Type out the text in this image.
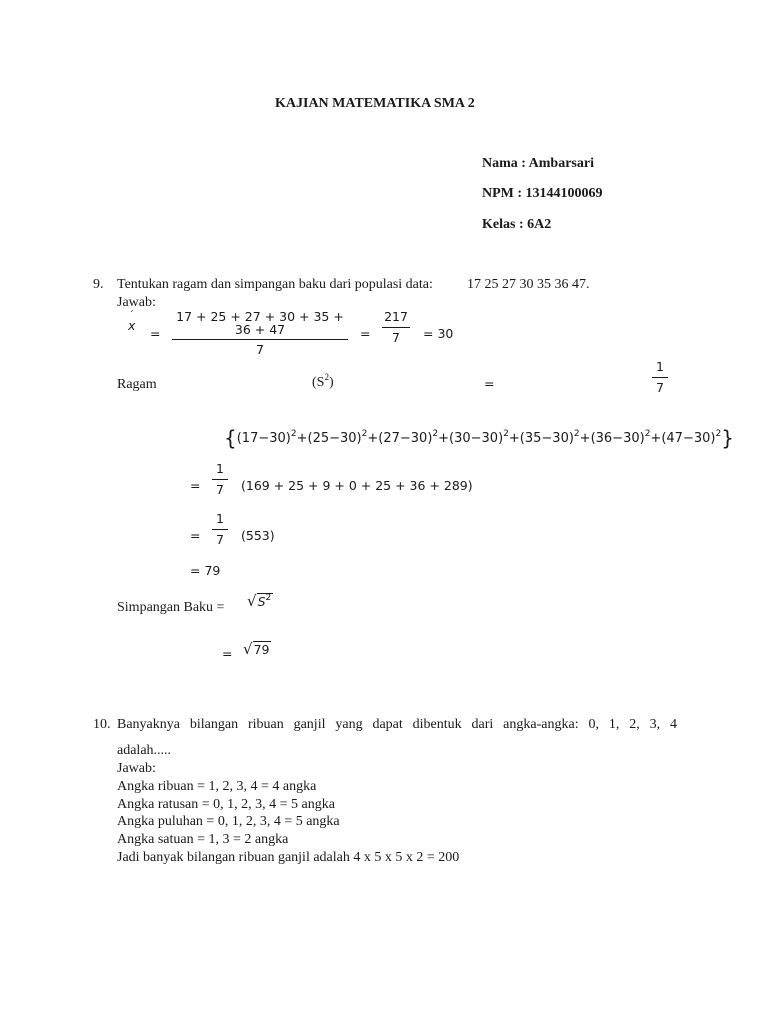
KAJIAN MATEMATIKA SMA 2
Nama : Ambarsari
NPM : 13144100069
Kelas : 6A2
9. Tentukan ragam dan simpangan baku dari populasi data: 17 25 27 30 35 36 47.
Jawab:
´
x
=
17 + 25 + 27 + 30 + 35 + 36 + 47
7
=
217
7	= 30
Ragam	$(S^2)$	=
1
7
$\{(17-30)^2+(25-30)^2+(27-30)^2+(30-30)^2+(35-30)^2+(36-30)^2+(47-30)^2\}$
=
1
7	(169 + 25 + 9 + 0 + 25 + 36 + 289)
=
1
7	(553)
= 79
Simpangan Baku = $√S^2$
= √79
10. Banyaknya bilangan ribuan ganjil yang dapat dibentuk dari angka-angka: 0, 1, 2, 3, 4
adalah.....
Jawab:
Angka ribuan = 1, 2, 3, 4 = 4 angka
Angka ratusan = 0, 1, 2, 3, 4 = 5 angka
Angka puluhan = 0, 1, 2, 3, 4 = 5 angka
Angka satuan = 1, 3 = 2 angka
Jadi banyak bilangan ribuan ganjil adalah 4 x 5 x 5 x 2 = 200
